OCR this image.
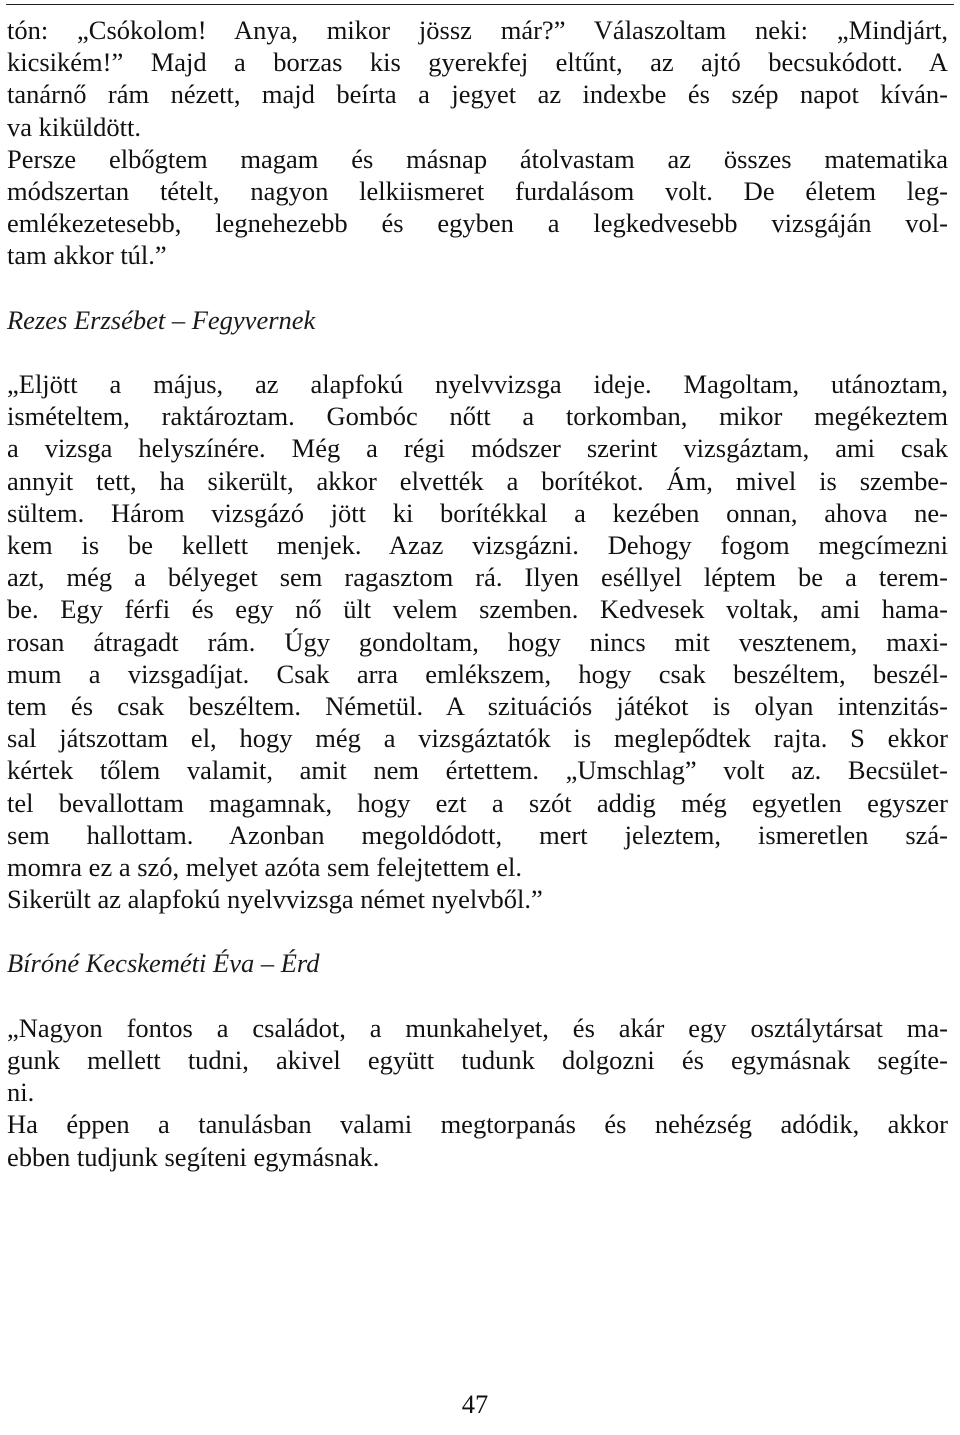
tón: „Csókolom! Anya, mikor jössz már?” Válaszoltam neki: „Mindjárt,
kicsikém!” Majd a borzas kis gyerekfej eltűnt, az ajtó becsukódott. A
tanárnő rám nézett, majd beírta a jegyet az indexbe és szép napot kíván-
va kiküldött.
Persze elbőgtem magam és másnap átolvastam az összes matematika
módszertan tételt, nagyon lelkiismeret furdalásom volt. De életem leg-
emlékezetesebb, legnehezebb és egyben a legkedvesebb vizsgáján vol-
tam akkor túl.”
Rezes Erzsébet – Fegyvernek
„Eljött a május, az alapfokú nyelvvizsga ideje. Magoltam, utánoztam,
ismételtem, raktároztam. Gombóc nőtt a torkomban, mikor megékeztem
a vizsga helyszínére. Még a régi módszer szerint vizsgáztam, ami csak
annyit tett, ha sikerült, akkor elvették a borítékot. Ám, mivel is szembe-
sültem. Három vizsgázó jött ki borítékkal a kezében onnan, ahova ne-
kem is be kellett menjek. Azaz vizsgázni. Dehogy fogom megcímezni
azt, még a bélyeget sem ragasztom rá. Ilyen eséllyel léptem be a terem-
be. Egy férfi és egy nő ült velem szemben. Kedvesek voltak, ami hama-
rosan átragadt rám. Úgy gondoltam, hogy nincs mit vesztenem, maxi-
mum a vizsgadíjat. Csak arra emlékszem, hogy csak beszéltem, beszél-
tem és csak beszéltem. Németül. A szituációs játékot is olyan intenzitás-
sal játszottam el, hogy még a vizsgáztatók is meglepődtek rajta. S ekkor
kértek tőlem valamit, amit nem értettem. „Umschlag” volt az. Becsület-
tel bevallottam magamnak, hogy ezt a szót addig még egyetlen egyszer
sem hallottam. Azonban megoldódott, mert jeleztem, ismeretlen szá-
momra ez a szó, melyet azóta sem felejtettem el.
Sikerült az alapfokú nyelvvizsga német nyelvből.”
Bíróné Kecskeméti Éva – Érd
„Nagyon fontos a családot, a munkahelyet, és akár egy osztálytársat ma-
gunk mellett tudni, akivel együtt tudunk dolgozni és egymásnak segíte-
ni.
Ha éppen a tanulásban valami megtorpanás és nehézség adódik, akkor
ebben tudjunk segíteni egymásnak.
47
